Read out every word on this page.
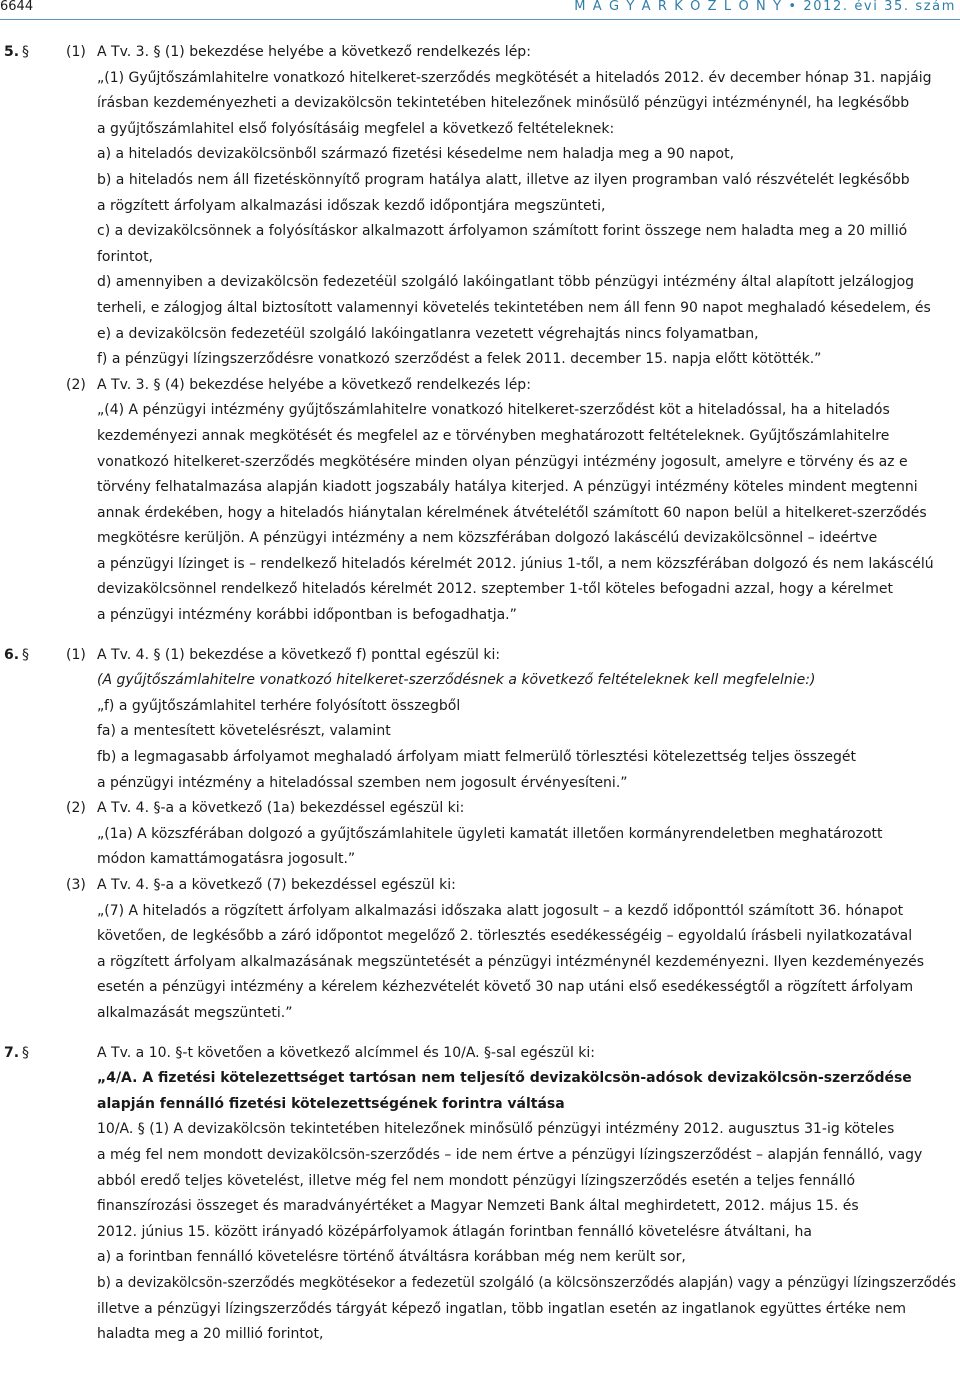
6644	M A G Y A R K Ö Z L Ö N Y • 2012. évi 35. szám
5. §	(1) A Tv. 3. § (1) bekezdése helyébe a következő rendelkezés lép:
„(1) Gyűjtőszámlahitelre vonatkozó hitelkeret-szerződés megkötését a hiteladós 2012. év december hónap 31. napjáig
írásban kezdeményezheti a devizakölcsön tekintetében hitelezőnek minősülő pénzügyi intézménynél, ha legkésőbb
a gyűjtőszámlahitel első folyósításáig megfelel a következő feltételeknek:
a) a hiteladós devizakölcsönből származó fizetési késedelme nem haladja meg a 90 napot,
b) a hiteladós nem áll fizetéskönnyítő program hatálya alatt, illetve az ilyen programban való részvételét legkésőbb
a rögzített árfolyam alkalmazási időszak kezdő időpontjára megszünteti,
c) a devizakölcsönnek a folyósításkor alkalmazott árfolyamon számított forint összege nem haladta meg a 20 millió
forintot,
d) amennyiben a devizakölcsön fedezetéül szolgáló lakóingatlant több pénzügyi intézmény által alapított jelzálogjog
terheli, e zálogjog által biztosított valamennyi követelés tekintetében nem áll fenn 90 napot meghaladó késedelem, és
e) a devizakölcsön fedezetéül szolgáló lakóingatlanra vezetett végrehajtás nincs folyamatban,
f) a pénzügyi lízingszerződésre vonatkozó szerződést a felek 2011. december 15. napja előtt kötötték.”
(2) A Tv. 3. § (4) bekezdése helyébe a következő rendelkezés lép:
„(4) A pénzügyi intézmény gyűjtőszámlahitelre vonatkozó hitelkeret-szerződést köt a hiteladóssal, ha a hiteladós
kezdeményezi annak megkötését és megfelel az e törvényben meghatározott feltételeknek. Gyűjtőszámlahitelre
vonatkozó hitelkeret-szerződés megkötésére minden olyan pénzügyi intézmény jogosult, amelyre e törvény és az e
törvény felhatalmazása alapján kiadott jogszabály hatálya kiterjed. A pénzügyi intézmény köteles mindent megtenni
annak érdekében, hogy a hiteladós hiánytalan kérelmének átvételétől számított 60 napon belül a hitelkeret-szerződés
megkötésre kerüljön. A pénzügyi intézmény a nem közszférában dolgozó lakáscélú devizakölcsönnel – ideértve
a pénzügyi lízinget is – rendelkező hiteladós kérelmét 2012. június 1-től, a nem közszférában dolgozó és nem lakáscélú
devizakölcsönnel rendelkező hiteladós kérelmét 2012. szeptember 1-től köteles befogadni azzal, hogy a kérelmet
a pénzügyi intézmény korábbi időpontban is befogadhatja.”
6. §	(1) A Tv. 4. § (1) bekezdése a következő f) ponttal egészül ki:
(A gyűjtőszámlahitelre vonatkozó hitelkeret-szerződésnek a következő feltételeknek kell megfelelnie:)
„f) a gyűjtőszámlahitel terhére folyósított összegből
fa) a mentesített követelésrészt, valamint
fb) a legmagasabb árfolyamot meghaladó árfolyam miatt felmerülő törlesztési kötelezettség teljes összegét
a pénzügyi intézmény a hiteladóssal szemben nem jogosult érvényesíteni.”
(2) A Tv. 4. §-a a következő (1a) bekezdéssel egészül ki:
„(1a) A közszférában dolgozó a gyűjtőszámlahitele ügyleti kamatát illetően kormányrendeletben meghatározott
módon kamattámogatásra jogosult.”
(3) A Tv. 4. §-a a következő (7) bekezdéssel egészül ki:
„(7) A hiteladós a rögzített árfolyam alkalmazási időszaka alatt jogosult – a kezdő időponttól számított 36. hónapot
követően, de legkésőbb a záró időpontot megelőző 2. törlesztés esedékességéig – egyoldalú írásbeli nyilatkozatával
a rögzített árfolyam alkalmazásának megszüntetését a pénzügyi intézménynél kezdeményezni. Ilyen kezdeményezés
esetén a pénzügyi intézmény a kérelem kézhezvételét követő 30 nap utáni első esedékességtől a rögzített árfolyam
alkalmazását megszünteti.”
7. §	A Tv. a 10. §-t követően a következő alcímmel és 10/A. §-sal egészül ki:
„4/A. A fizetési kötelezettséget tartósan nem teljesítő devizakölcsön-adósok devizakölcsön-szerződése
alapján fennálló fizetési kötelezettségének forintra váltása
10/A. § (1) A devizakölcsön tekintetében hitelezőnek minősülő pénzügyi intézmény 2012. augusztus 31-ig köteles
a még fel nem mondott devizakölcsön-szerződés – ide nem értve a pénzügyi lízingszerződést – alapján fennálló, vagy
abból eredő teljes követelést, illetve még fel nem mondott pénzügyi lízingszerződés esetén a teljes fennálló
finanszírozási összeget és maradványértéket a Magyar Nemzeti Bank által meghirdetett, 2012. május 15. és
2012. június 15. között irányadó középárfolyamok átlagán forintban fennálló követelésre átváltani, ha
a) a forintban fennálló követelésre történő átváltásra korábban még nem került sor,
b) a devizakölcsön-szerződés megkötésekor a fedezetül szolgáló (a kölcsönszerződés alapján) vagy a pénzügyi lízingszerződés
illetve a pénzügyi lízingszerződés tárgyát képező ingatlan, több ingatlan esetén az ingatlanok együttes értéke nem
haladta meg a 20 millió forintot,
